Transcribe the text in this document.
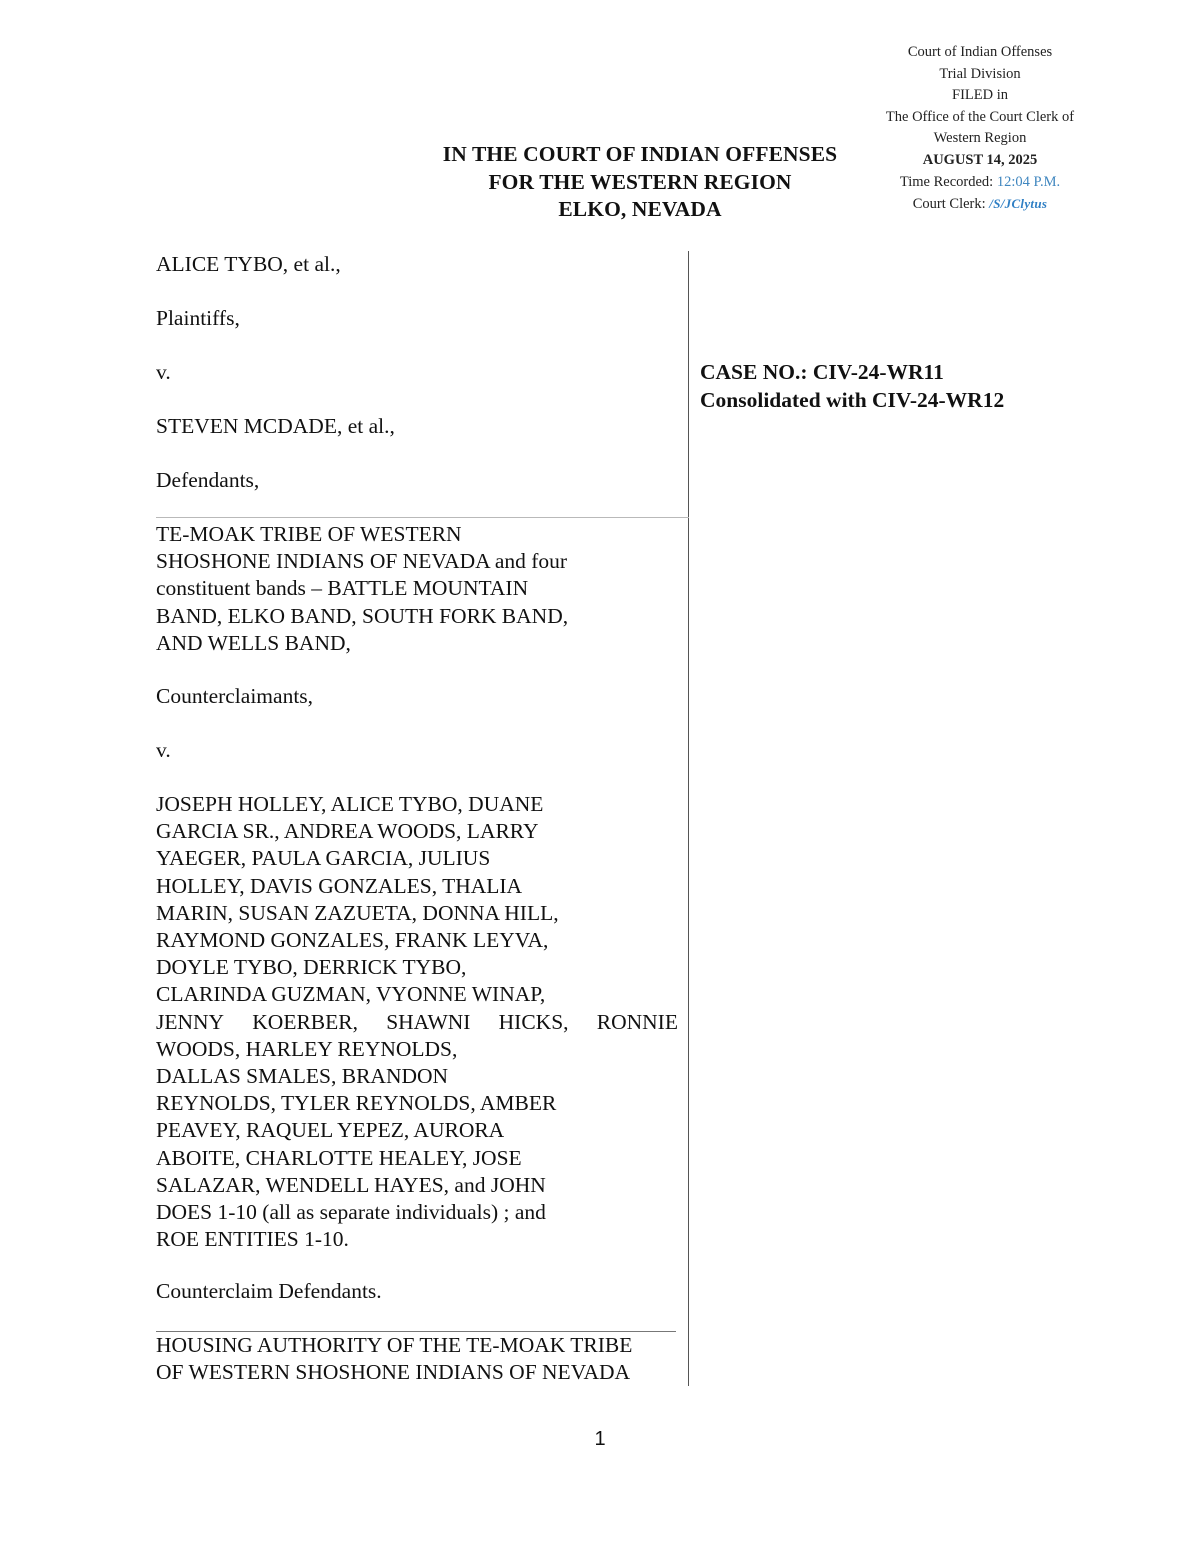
Court of Indian Offenses
Trial Division
FILED in
The Office of the Court Clerk of
Western Region
AUGUST 14, 2025
Time Recorded: 12:04 P.M.
Court Clerk: /S/JClytus
IN THE COURT OF INDIAN OFFENSES
FOR THE WESTERN REGION
ELKO, NEVADA
ALICE TYBO, et al.,
Plaintiffs,
v.
STEVEN MCDADE, et al.,
Defendants,
TE-MOAK TRIBE OF WESTERN
SHOSHONE INDIANS OF NEVADA and four
constituent bands – BATTLE MOUNTAIN
BAND, ELKO BAND, SOUTH FORK BAND,
AND WELLS BAND,
Counterclaimants,
v.
JOSEPH HOLLEY, ALICE TYBO, DUANE
GARCIA SR., ANDREA WOODS, LARRY
YAEGER, PAULA GARCIA, JULIUS
HOLLEY, DAVIS GONZALES, THALIA
MARIN, SUSAN ZAZUETA, DONNA HILL,
RAYMOND GONZALES, FRANK LEYVA,
DOYLE TYBO, DERRICK TYBO,
CLARINDA GUZMAN, VYONNE WINAP,
JENNY KOERBER, SHAWNI HICKS, RONNIE
WOODS, HARLEY REYNOLDS,
DALLAS SMALES, BRANDON
REYNOLDS, TYLER REYNOLDS, AMBER
PEAVEY, RAQUEL YEPEZ, AURORA
ABOITE, CHARLOTTE HEALEY, JOSE
SALAZAR, WENDELL HAYES, and JOHN
DOES 1-10 (all as separate individuals) ; and
ROE ENTITIES 1-10.
Counterclaim Defendants.
HOUSING AUTHORITY OF THE TE-MOAK TRIBE
OF WESTERN SHOSHONE INDIANS OF NEVADA
CASE NO.: CIV-24-WR11
Consolidated with CIV-24-WR12
1
